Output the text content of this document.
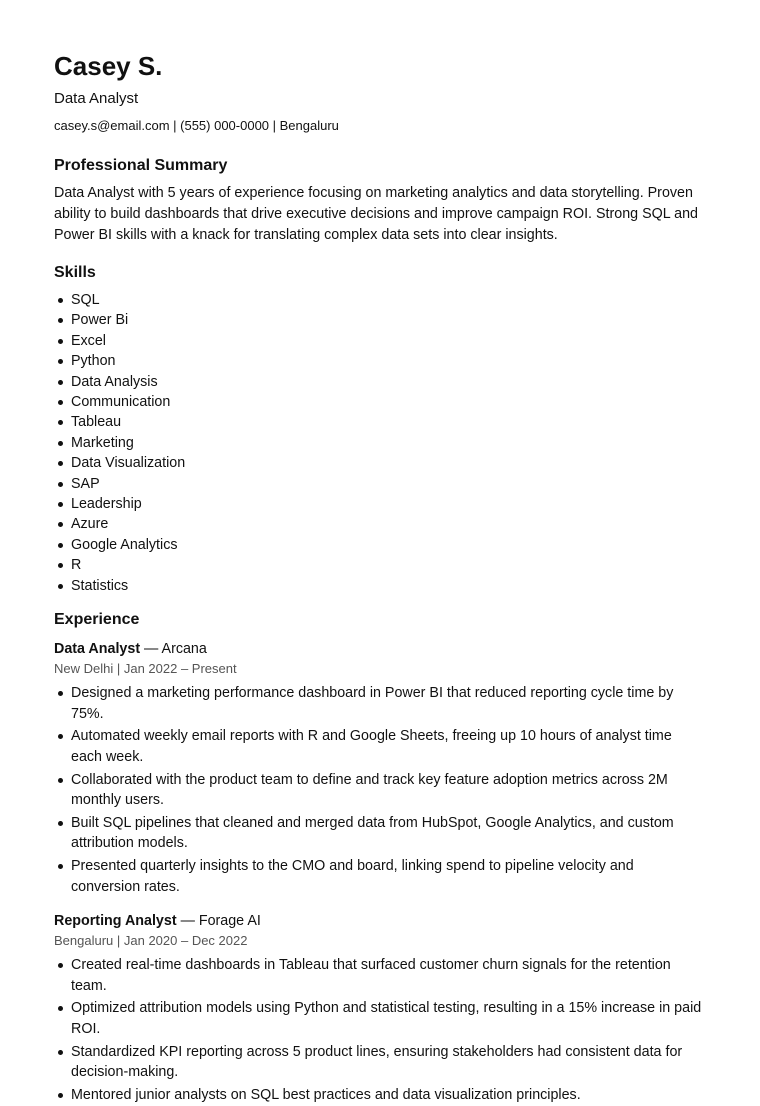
Casey S.
Data Analyst
casey.s@email.com | (555) 000-0000 | Bengaluru
Professional Summary

Data Analyst with 5 years of experience focusing on marketing analytics and data storytelling. Proven ability to build dashboards that drive executive decisions and improve campaign ROI. Strong SQL and Power BI skills with a knack for translating complex data sets into clear insights.

Skills
SQL
Power Bi
Excel
Python
Data Analysis
Communication
Tableau
Marketing
Data Visualization
SAP
Leadership
Azure
Google Analytics
R
Statistics
Experience
Data Analyst — Arcana
New Delhi | Jan 2022 – Present
Designed a marketing performance dashboard in Power BI that reduced reporting cycle time by 75%.
Automated weekly email reports with R and Google Sheets, freeing up 10 hours of analyst time each week.
Collaborated with the product team to define and track key feature adoption metrics across 2M monthly users.
Built SQL pipelines that cleaned and merged data from HubSpot, Google Analytics, and custom attribution models.
Presented quarterly insights to the CMO and board, linking spend to pipeline velocity and conversion rates.
Reporting Analyst — Forage AI
Bengaluru | Jan 2020 – Dec 2022
Created real-time dashboards in Tableau that surfaced customer churn signals for the retention team.
Optimized attribution models using Python and statistical testing, resulting in a 15% increase in paid ROI.
Standardized KPI reporting across 5 product lines, ensuring stakeholders had consistent data for decision-making.
Mentored junior analysts on SQL best practices and data visualization principles.
